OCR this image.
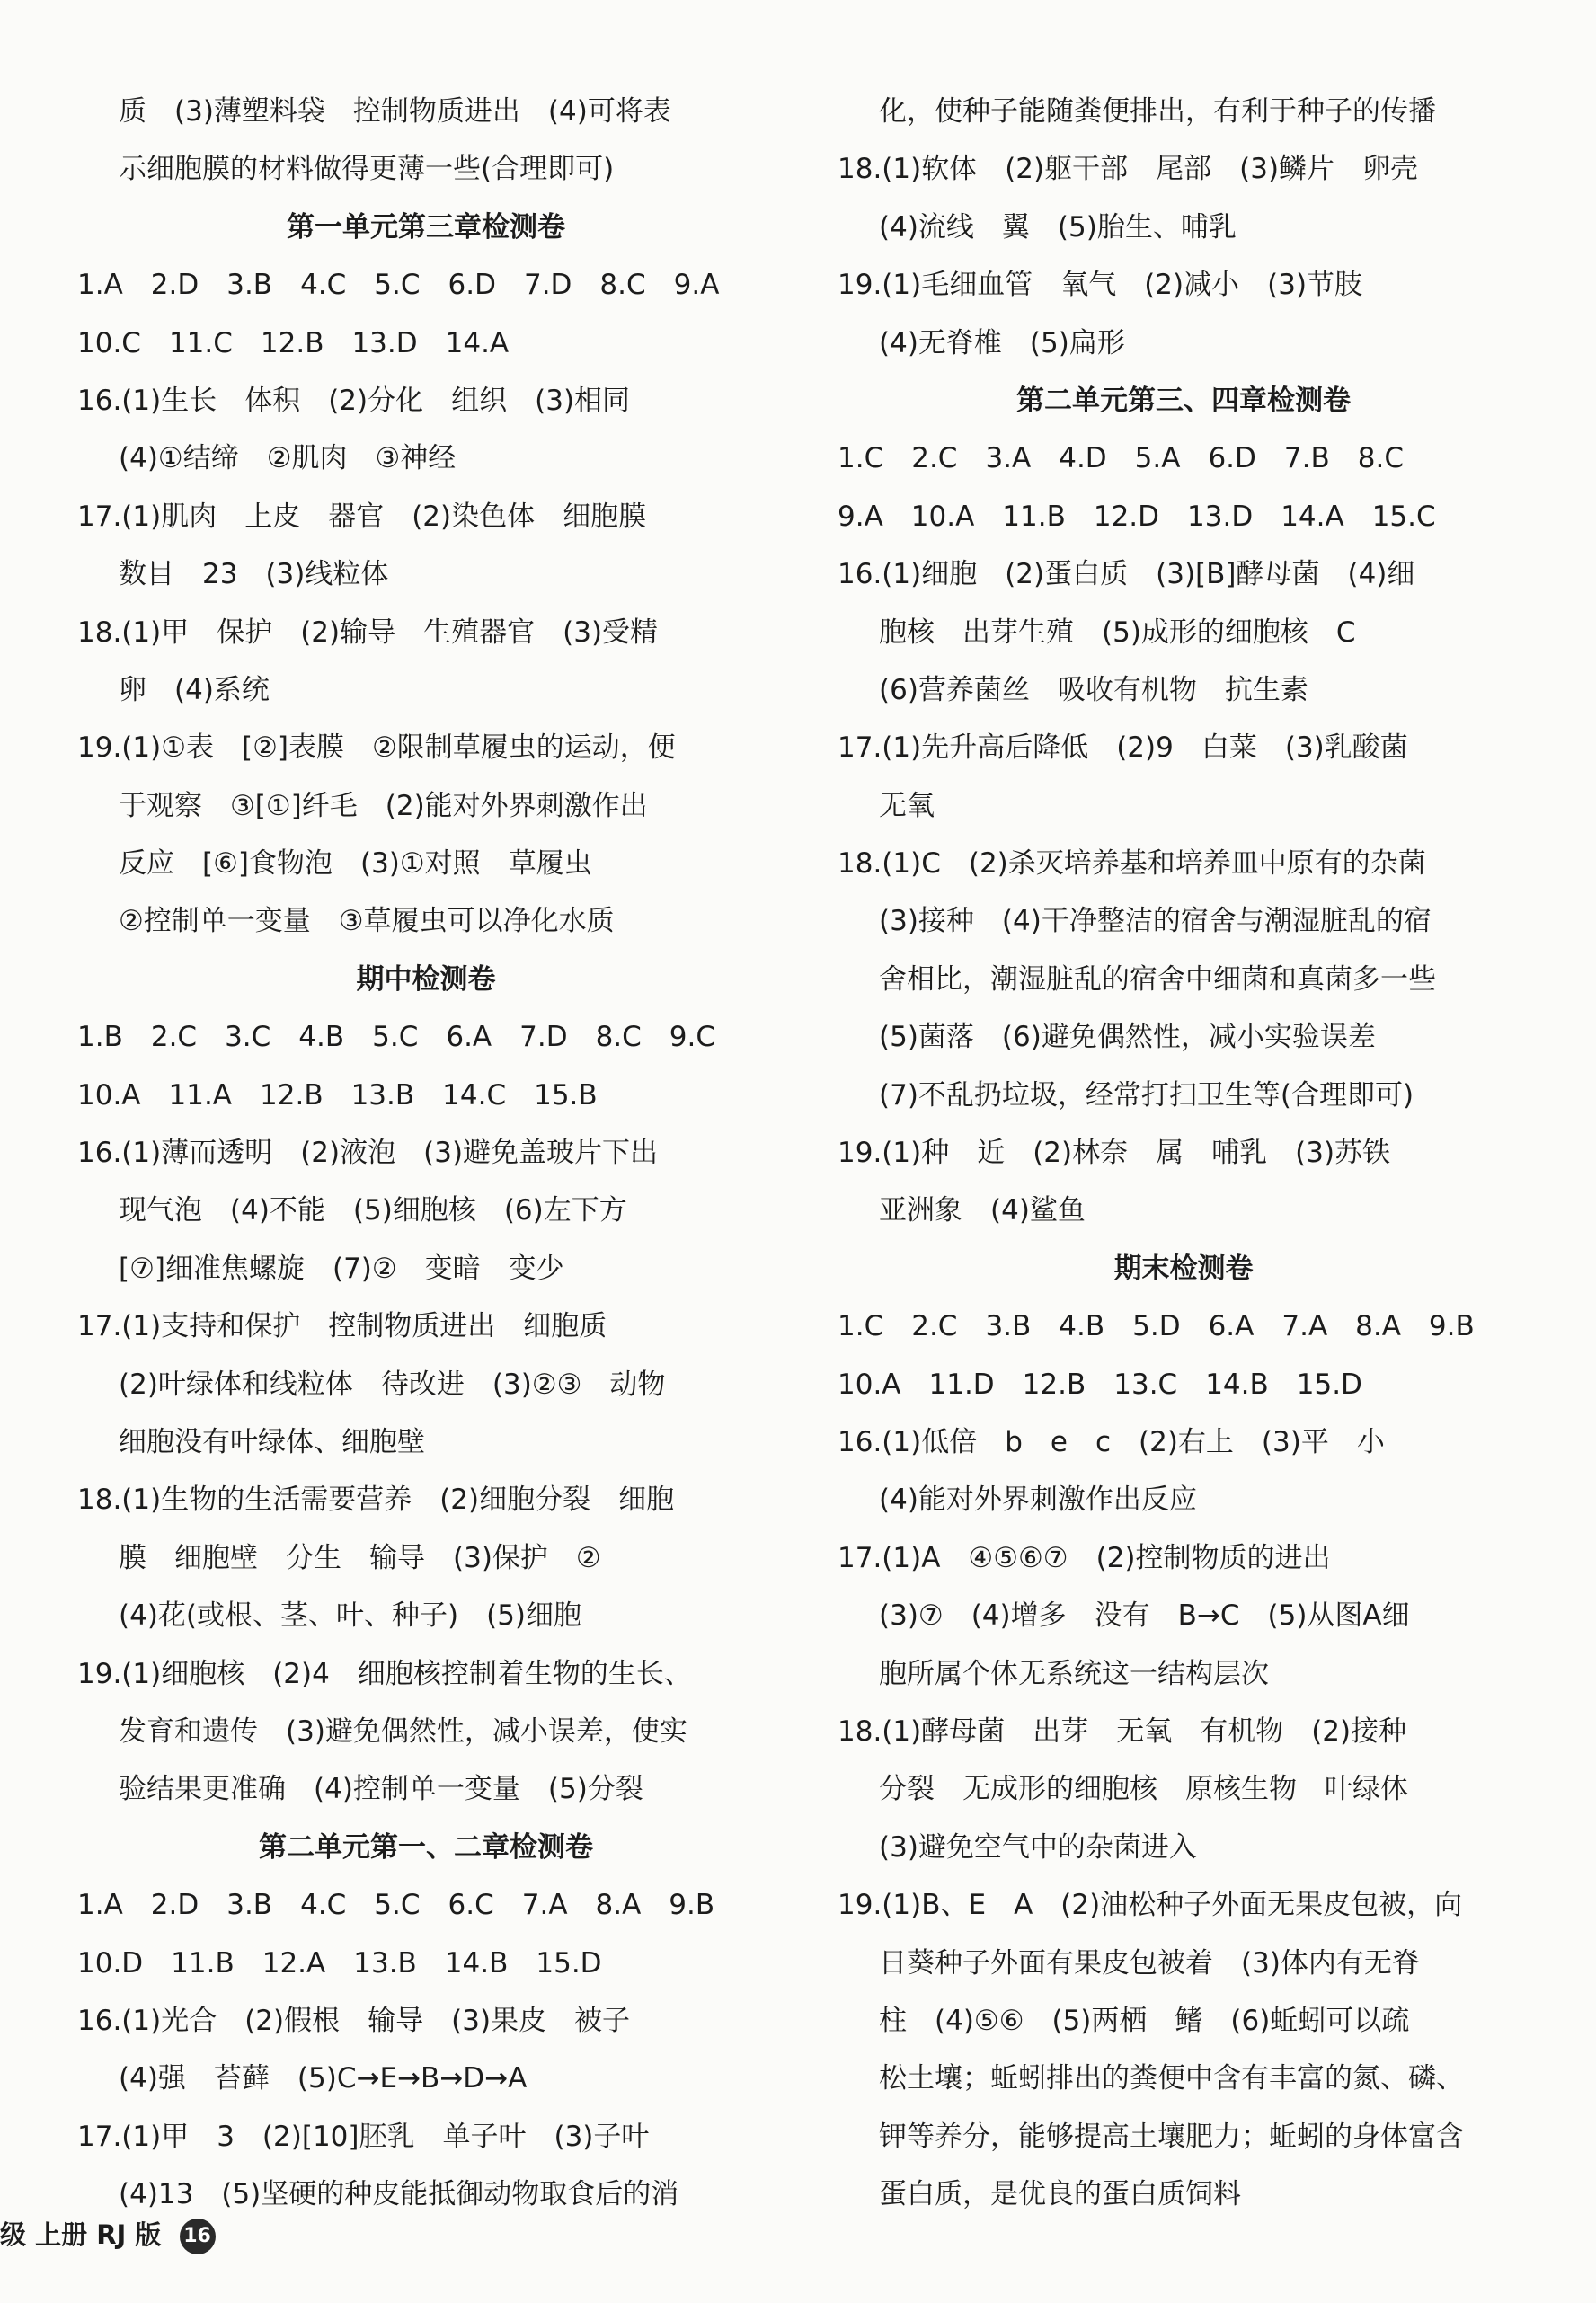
质　(3)薄塑料袋　控制物质进出　(4)可将表
示细胞膜的材料做得更薄一些(合理即可)
第一单元第三章检测卷
1.A　2.D　3.B　4.C　5.C　6.D　7.D　8.C　9.A
10.C　11.C　12.B　13.D　14.A
16.(1)生长　体积　(2)分化　组织　(3)相同
(4)①结缔　②肌肉　③神经
17.(1)肌肉　上皮　器官　(2)染色体　细胞膜
数目　23　(3)线粒体
18.(1)甲　保护　(2)输导　生殖器官　(3)受精
卵　(4)系统
19.(1)①表　[②]表膜　②限制草履虫的运动，便
于观察　③[①]纤毛　(2)能对外界刺激作出
反应　[⑥]食物泡　(3)①对照　草履虫
②控制单一变量　③草履虫可以净化水质
期中检测卷
1.B　2.C　3.C　4.B　5.C　6.A　7.D　8.C　9.C
10.A　11.A　12.B　13.B　14.C　15.B
16.(1)薄而透明　(2)液泡　(3)避免盖玻片下出
现气泡　(4)不能　(5)细胞核　(6)左下方
[⑦]细准焦螺旋　(7)②　变暗　变少
17.(1)支持和保护　控制物质进出　细胞质
(2)叶绿体和线粒体　待改进　(3)②③　动物
细胞没有叶绿体、细胞壁
18.(1)生物的生活需要营养　(2)细胞分裂　细胞
膜　细胞壁　分生　输导　(3)保护　②
(4)花(或根、茎、叶、种子)　(5)细胞
19.(1)细胞核　(2)4　细胞核控制着生物的生长、
发育和遗传　(3)避免偶然性，减小误差，使实
验结果更准确　(4)控制单一变量　(5)分裂
第二单元第一、二章检测卷
1.A　2.D　3.B　4.C　5.C　6.C　7.A　8.A　9.B
10.D　11.B　12.A　13.B　14.B　15.D
16.(1)光合　(2)假根　输导　(3)果皮　被子
(4)强　苔藓　(5)C→E→B→D→A
17.(1)甲　3　(2)[10]胚乳　单子叶　(3)子叶
(4)13　(5)坚硬的种皮能抵御动物取食后的消
化，使种子能随粪便排出，有利于种子的传播
18.(1)软体　(2)躯干部　尾部　(3)鳞片　卵壳
(4)流线　翼　(5)胎生、哺乳
19.(1)毛细血管　氧气　(2)减小　(3)节肢
(4)无脊椎　(5)扁形
第二单元第三、四章检测卷
1.C　2.C　3.A　4.D　5.A　6.D　7.B　8.C
9.A　10.A　11.B　12.D　13.D　14.A　15.C
16.(1)细胞　(2)蛋白质　(3)[B]酵母菌　(4)细
胞核　出芽生殖　(5)成形的细胞核　C
(6)营养菌丝　吸收有机物　抗生素
17.(1)先升高后降低　(2)9　白菜　(3)乳酸菌
无氧
18.(1)C　(2)杀灭培养基和培养皿中原有的杂菌
(3)接种　(4)干净整洁的宿舍与潮湿脏乱的宿
舍相比，潮湿脏乱的宿舍中细菌和真菌多一些
(5)菌落　(6)避免偶然性，减小实验误差
(7)不乱扔垃圾，经常打扫卫生等(合理即可)
19.(1)种　近　(2)林奈　属　哺乳　(3)苏铁
亚洲象　(4)鲨鱼
期末检测卷
1.C　2.C　3.B　4.B　5.D　6.A　7.A　8.A　9.B
10.A　11.D　12.B　13.C　14.B　15.D
16.(1)低倍　b　e　c　(2)右上　(3)平　小
(4)能对外界刺激作出反应
17.(1)A　④⑤⑥⑦　(2)控制物质的进出
(3)⑦　(4)增多　没有　B→C　(5)从图A细
胞所属个体无系统这一结构层次
18.(1)酵母菌　出芽　无氧　有机物　(2)接种
分裂　无成形的细胞核　原核生物　叶绿体
(3)避免空气中的杂菌进入
19.(1)B、E　A　(2)油松种子外面无果皮包被，向
日葵种子外面有果皮包被着　(3)体内有无脊
柱　(4)⑤⑥　(5)两栖　鳍　(6)蚯蚓可以疏
松土壤；蚯蚓排出的粪便中含有丰富的氮、磷、
钾等养分，能够提高土壤肥力；蚯蚓的身体富含
蛋白质，是优良的蛋白质饲料
级 上册 RJ 版 16
